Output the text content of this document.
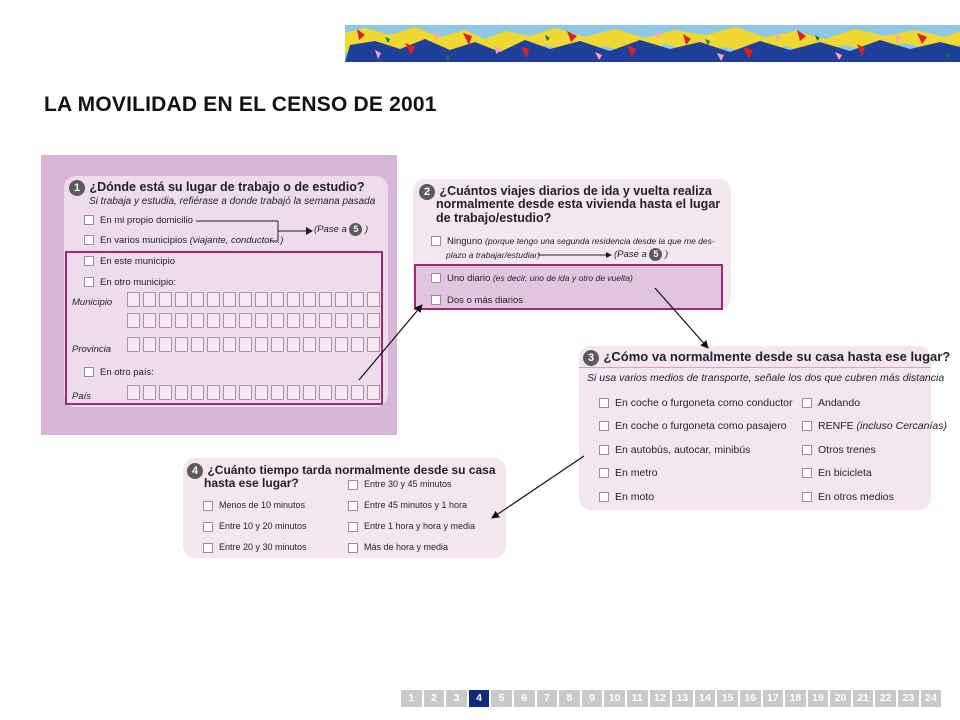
LA MOVILIDAD EN EL CENSO DE 2001
1 ¿Dónde está su lugar de trabajo o de estudio?
Si trabaja y estudia, refiérase a donde trabajó la semana pasada
En mi propio domicilio
En varios municipios (viajante, conductor...)
(Pase a 5 )
En este municipio
En otro municipio:
Municipio
Provincia
En otro país:
País
2 ¿Cuántos viajes diarios de ida y vuelta realiza
normalmente desde esta vivienda hasta el lugar
de trabajo/estudio?
Ninguno (porque tengo una segunda residencia desde la que me des-
plazo a trabajar/estudiar)	(Pase a 5 )
Uno diario (es decir, uno de ida y otro de vuelta)
Dos o más diarios
3 ¿Cómo va normalmente desde su casa hasta ese lugar?
Si usa varios medios de transporte, señale los dos que cubren más distancia
En coche o furgoneta como conductor
En coche o furgoneta como pasajero
En autobús, autocar, minibús
En metro
En moto
Andando
RENFE (incluso Cercanías)
Otros trenes
En bicicleta
En otros medios
4 ¿Cuánto tiempo tarda normalmente desde su casa
hasta ese lugar?
Menos de 10 minutos
Entre 10 y 20 minutos
Entre 20 y 30 minutos
Entre 30 y 45 minutos
Entre 45 minutos y 1 hora
Entre 1 hora y hora y media
Más de hora y media
1	2	3	4	5	6	7	8	9	10	11	12	13	14	15	16	17	18	19	20	21	22	23	24
